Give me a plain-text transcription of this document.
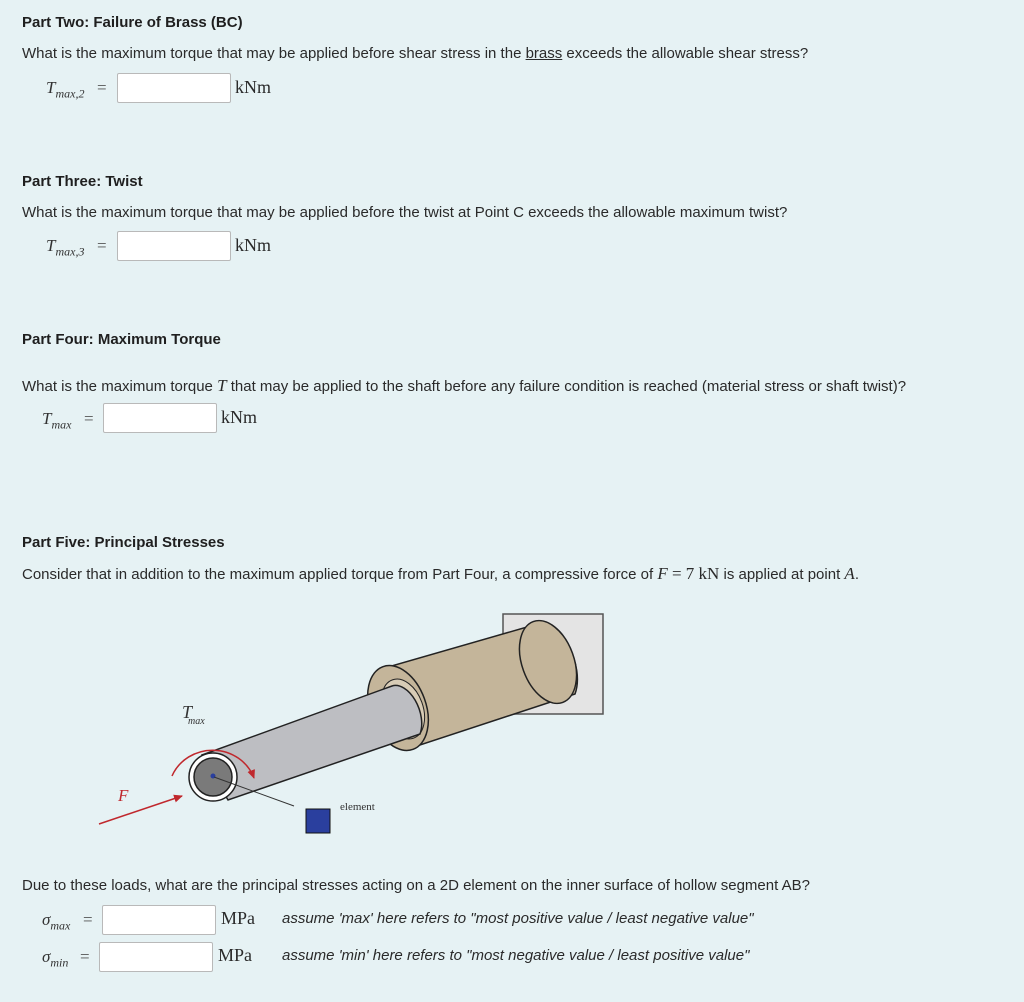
Part Two: Failure of Brass (BC)
What is the maximum torque that may be applied before shear stress in the brass exceeds the allowable shear stress?
$T_{max,2}$ =	kNm
Part Three: Twist
What is the maximum torque that may be applied before the twist at Point C exceeds the allowable maximum twist?
$T_{max,3}$ =	kNm
Part Four: Maximum Torque
What is the maximum torque T that may be applied to the shaft before any failure condition is reached (material stress or shaft twist)?
$T_{max}$ =	kNm
Part Five: Principal Stresses
Consider that in addition to the maximum applied torque from Part Four, a compressive force of F = 7 kN is applied at point A.
$T_{max}$
F
element
Due to these loads, what are the principal stresses acting on a 2D element on the inner surface of hollow segment AB?
$\sigma_{max}$ =	MPa assume 'max' here refers to "most positive value / least negative value"
$\sigma_{min}$ =	MPa assume 'min' here refers to "most negative value / least positive value"
